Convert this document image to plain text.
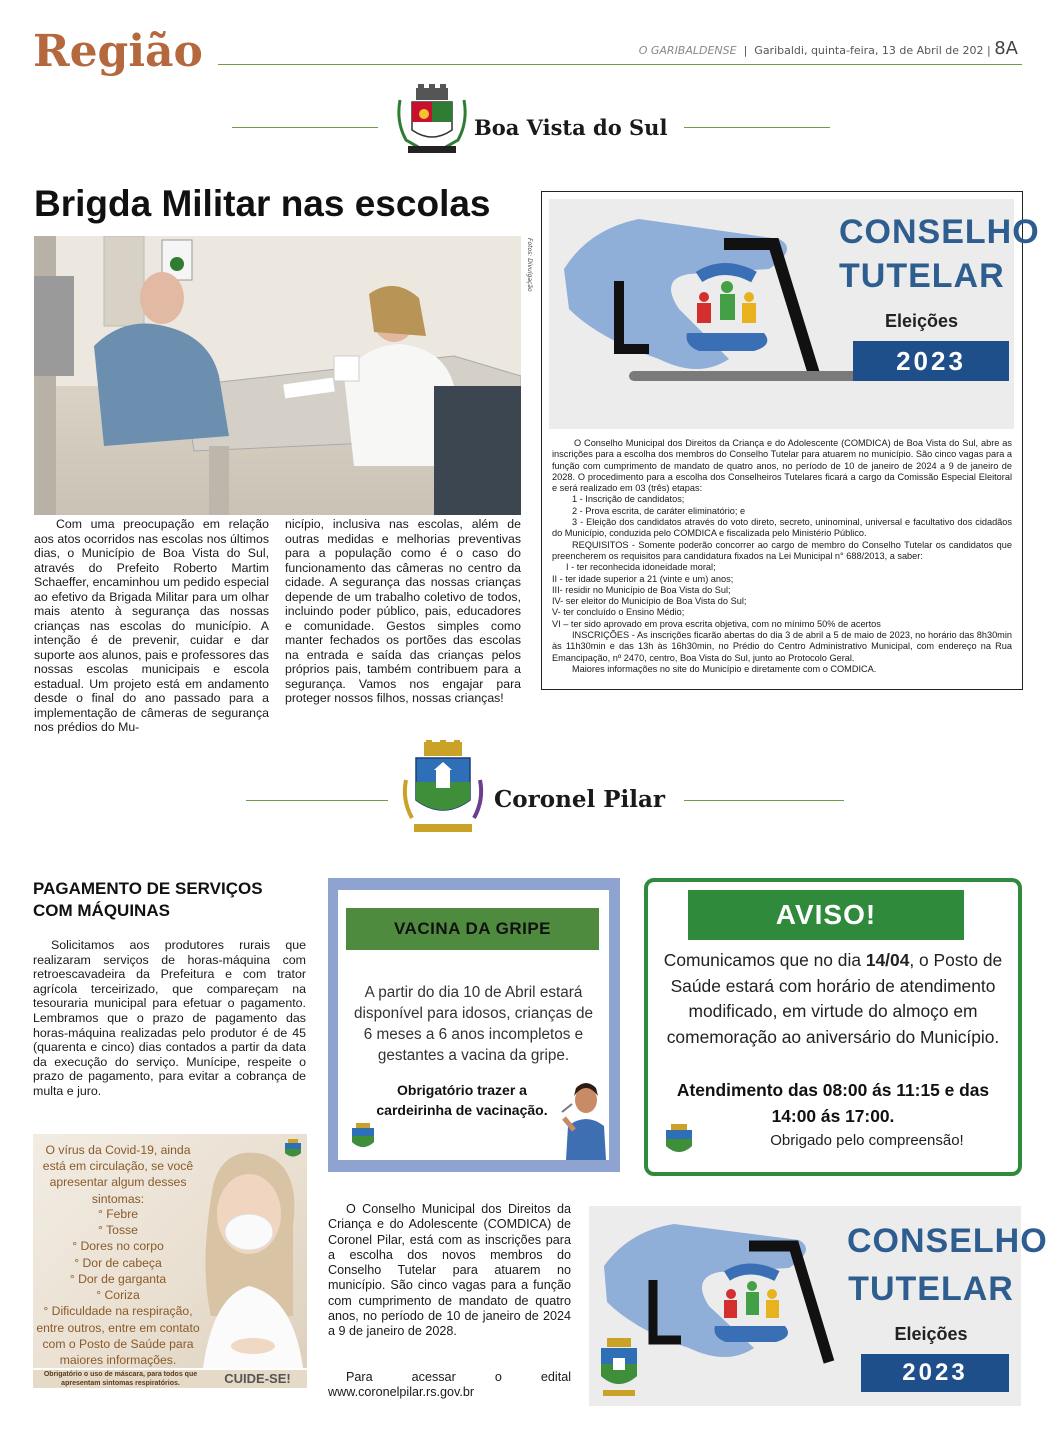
Região	O GARIBALDENSE  |  Garibaldi, quinta-feira, 13 de Abril de 202 | 8A
Boa Vista do Sul
Brigda Militar nas escolas
Fotos: Divulgação
Com uma preocupação em relação aos atos ocorridos nas escolas nos últimos dias, o Município de Boa Vista do Sul, através do Prefeito Roberto Martim Schaeffer, encaminhou um pedido especial ao efetivo da Brigada Militar para um olhar mais atento à segurança das nossas crianças nas escolas do município. A intenção é de prevenir, cuidar e dar suporte aos alunos, pais e professores das nossas escolas municipais e escola estadual. Um projeto está em andamento desde o final do ano passado para a implementação de câmeras de segurança nos prédios do Mu-
nicípio, inclusiva nas escolas, além de outras medidas e melhorias preventivas para a população como é o caso do funcionamento das câmeras no centro da cidade. A segurança das nossas crianças depende de um trabalho coletivo de todos, incluindo poder público, pais, educadores e comunidade. Gestos simples como manter fechados os portões das escolas na entrada e saída das crianças pelos próprios pais, também contribuem para a segurança. Vamos nos engajar para proteger nossos filhos, nossas crianças!
CONSELHO
TUTELAR
Eleições
2023

O Conselho Municipal dos Direitos da Criança e do Adolescente (COMDICA) de Boa Vista do Sul, abre as inscrições para a escolha dos membros do Conselho Tutelar para atuarem no município. São cinco vagas para a função com cumprimento de mandato de quatro anos, no período de 10 de janeiro de 2024 a 9 de janeiro de 2028. O procedimento para a escolha dos Conselheiros Tutelares ficará a cargo da Comissão Especial Eleitoral e será realizado em 03 (três) etapas:

1 - Inscrição de candidatos;

2 - Prova escrita, de caráter eliminatório; e

3 - Eleição dos candidatos através do voto direto, secreto, uninominal, universal e facultativo dos cidadãos do Município, conduzida pelo COMDICA e fiscalizada pelo Ministério Público.

REQUISITOS - Somente poderão concorrer ao cargo de membro do Conselho Tutelar os candidatos que preencherem os requisitos para candidatura fixados na Lei Municipal n° 688/2013, a saber:

I - ter reconhecida idoneidade moral;

II - ter idade superior a 21 (vinte e um) anos;

III- residir no Município de Boa Vista do Sul;

IV- ser eleitor do Município de Boa Vista do Sul;

V- ter concluído o Ensino Médio;

VI – ter sido aprovado em prova escrita objetiva, com no mínimo 50% de acertos

INSCRIÇÕES - As inscrições ficarão abertas do dia 3 de abril a 5 de maio de 2023, no horário das 8h30min às 11h30min e das 13h às 16h30min, no Prédio do Centro Administrativo Municipal, com endereço na Rua Emancipação, nº 2470, centro, Boa Vista do Sul, junto ao Protocolo Geral.

Maiores informações no site do Município e diretamente com o COMDICA.

Coronel Pilar
PAGAMENTO DE SERVIÇOS
COM MÁQUINAS
Solicitamos aos produtores rurais que realizaram serviços de horas-máquina com retroescavadeira da Prefeitura e com trator agrícola terceirizado, que compareçam na tesouraria municipal para efetuar o pagamento. Lembramos que o prazo de pagamento das horas-máquina realizadas pelo produtor é de 45 (quarenta e cinco) dias contados a partir da data da execução do serviço. Munícipe, respeite o prazo de pagamento, para evitar a cobrança de multa e juro.
VACINA DA GRIPE
A partir do dia 10 de Abril estará disponível para idosos, crianças de 6 meses a 6 anos incompletos e gestantes a vacina da gripe.
Obrigatório trazer a cardeirinha de vacinação.
AVISO!
Comunicamos que no dia 14/04, o Posto de Saúde estará com horário de atendimento modificado, em virtude do almoço em comemoração ao aniversário do Município.
Atendimento das 08:00 ás 11:15 e das 14:00 ás 17:00.
Obrigado pelo compreensão!
O vírus da Covid-19, ainda está em circulação, se você apresentar algum desses sintomas:
° Febre
° Tosse
° Dores no corpo
° Dor de cabeça
° Dor de garganta
° Coriza
° Dificuldade na respiração,
entre outros, entre em contato com o Posto de Saúde para maiores informações.
Obrigatório o uso de máscara, para todos que apresentam sintomas respiratórios.	CUIDE-SE!
O Conselho Municipal dos Direitos da Criança e do Adolescente (COMDICA) de Coronel Pilar, está com as inscrições para a escolha dos novos membros do Conselho Tutelar para atuarem no município. São cinco vagas para a função com cumprimento de mandato de quatro anos, no período de 10 de janeiro de 2024 a 9 de janeiro de 2028.
Para acessar o edital www.coronelpilar.rs.gov.br
CONSELHO
TUTELAR
Eleições
2023
